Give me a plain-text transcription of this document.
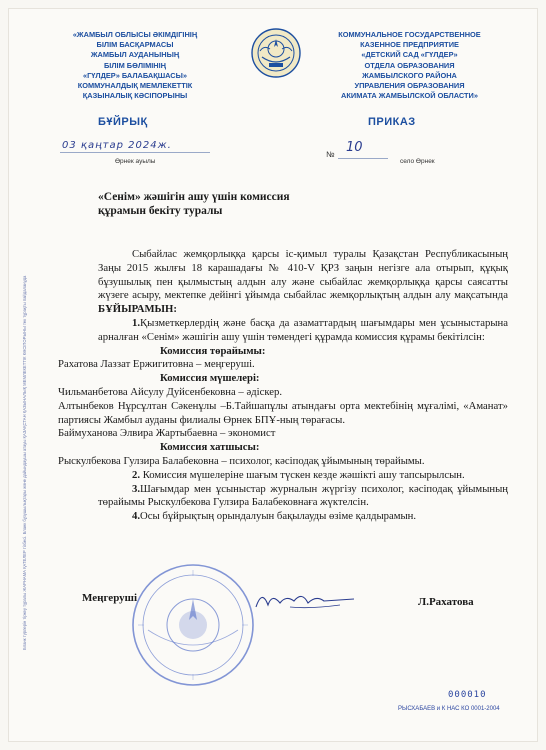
«ЖАМБЫЛ ОБЛЫСЫ ӘКІМДІГІНІҢ
БІЛІМ БАСҚАРМАСЫ
ЖАМБЫЛ АУДАНЫНЫҢ
БІЛІМ БӨЛІМІНІҢ
«ГҮЛДЕР» БАЛАБАҚШАСЫ»
КОММУНАЛДЫҚ МЕМЛЕКЕТТІК
ҚАЗЫНАЛЫҚ КӘСІПОРЫНЫ
КОММУНАЛЬНОЕ ГОСУДАРСТВЕННОЕ
КАЗЕННОЕ ПРЕДПРИЯТИЕ
«ДЕТСКИЙ САД «ГҮЛДЕР»
ОТДЕЛА ОБРАЗОВАНИЯ
ЖАМБЫЛСКОГО РАЙОНА
УПРАВЛЕНИЯ ОБРАЗОВАНИЯ
АКИМАТА ЖАМБЫЛСКОЙ ОБЛАСТИ»
БҰЙРЫҚ	ПРИКАЗ
03 қаңтар 2024ж.
Өрнек ауылы
№ 10
село Өрнек
«Сенім» жәшігін ашу үшін комиссия
құрамын бекіту туралы

Сыбайлас жемқорлыққа қарсы іс-қимыл туралы Қазақстан Республикасының Заңы 2015 жылғы 18 карашадағы № 410-V ҚРЗ заңын негізге ала отырып, құқық бұзушылық пен қылмыстың алдын алу және сыбайлас жемқорлыққа қарсы саясатты жүзеге асыру, мектепке дейінгі ұйымда сыбайлас жемқорлықтың алдын алу мақсатында БҰЙЫРАМЫН:

1.Қызметкерлердің және басқа да азаматтардың шағымдары мен ұсыныстарына арналған «Сенім» жәшігін ашу үшін төмендегі құрамда комиссия құрамы бекітілсін:

Комиссия төрайымы:

Рахатова Лаззат Ержигитовна – меңгеруші.

Комиссия мүшелері:

Чильманбетова Айсулу Дуйсенбековна – әдіскер.

Алтынбеков Нұрсұлтан Сәкенұлы –Б.Тайшапұлы атындағы орта мектебінің мұғалімі, «Аманат» партиясы Жамбыл ауданы филиалы Өрнек БПҰ-ның төрағасы.

Баймуханова Элвира Жартыбаевна – экономист

Комиссия хатшысы:

Рыскулбекова Гулзира Балабековна – психолог, кәсіподақ ұйымының төрайымы.

2. Комиссия мүшелеріне шағым түскен кезде жәшікті ашу тапсырылсын.

3.Шағымдар мен ұсыныстар журналын жүргізу психолог, кәсіподақ ұйымының төрайымы Рыскулбекова Гулзира Балабековнаға жүктелсін.

4.Осы бұйрықтың орындалуын бақылауды өзіме қалдырамын.

Меңгеруші	Л.Рахатова
Бланк түрлерін тіркеу тұралы ЖАРНАМА ҚАТЕЛЕР тізбесі. Бланк бұзушылықтары және дайындаушы атауы ҚАЗАҚСТАН ҚАЗЫНАЛЫҚ МЕМЛЕКЕТТІК КӘСІПОРЫНЫ тек тұрақты пайдалануда
000010
РЫСХАБАЕВ и К НАС КО 0001-2004
